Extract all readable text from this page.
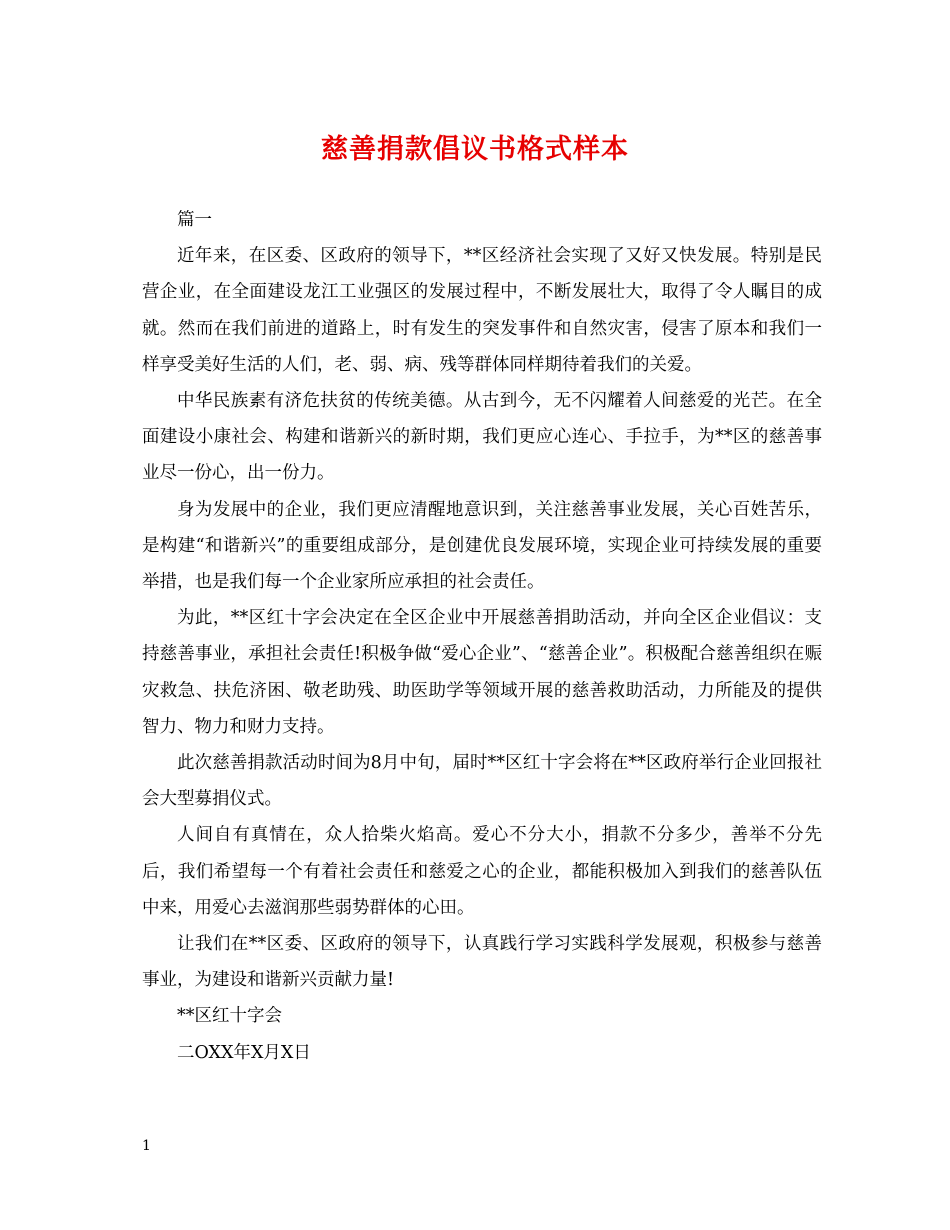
慈善捐款倡议书格式样本

篇一

近年来，在区委、区政府的领导下，**区经济社会实现了又好又快发展。特别是民营企业，在全面建设龙江工业强区的发展过程中，不断发展壮大，取得了令人瞩目的成就。然而在我们前进的道路上，时有发生的突发事件和自然灾害，侵害了原本和我们一样享受美好生活的人们，老、弱、病、残等群体同样期待着我们的关爱。

中华民族素有济危扶贫的传统美德。从古到今，无不闪耀着人间慈爱的光芒。在全面建设小康社会、构建和谐新兴的新时期，我们更应心连心、手拉手，为**区的慈善事业尽一份心，出一份力。

身为发展中的企业，我们更应清醒地意识到，关注慈善事业发展，关心百姓苦乐，是构建“和谐新兴”的重要组成部分，是创建优良发展环境，实现企业可持续发展的重要举措，也是我们每一个企业家所应承担的社会责任。

为此，**区红十字会决定在全区企业中开展慈善捐助活动，并向全区企业倡议：支持慈善事业，承担社会责任!积极争做“爱心企业”、“慈善企业”。积极配合慈善组织在赈灾救急、扶危济困、敬老助残、助医助学等领域开展的慈善救助活动，力所能及的提供智力、物力和财力支持。

此次慈善捐款活动时间为8月中旬，届时**区红十字会将在**区政府举行企业回报社会大型募捐仪式。

人间自有真情在，众人拾柴火焰高。爱心不分大小，捐款不分多少，善举不分先后，我们希望每一个有着社会责任和慈爱之心的企业，都能积极加入到我们的慈善队伍中来，用爱心去滋润那些弱势群体的心田。

让我们在**区委、区政府的领导下，认真践行学习实践科学发展观，积极参与慈善事业，为建设和谐新兴贡献力量!

**区红十字会

二OXX年X月X日

1
